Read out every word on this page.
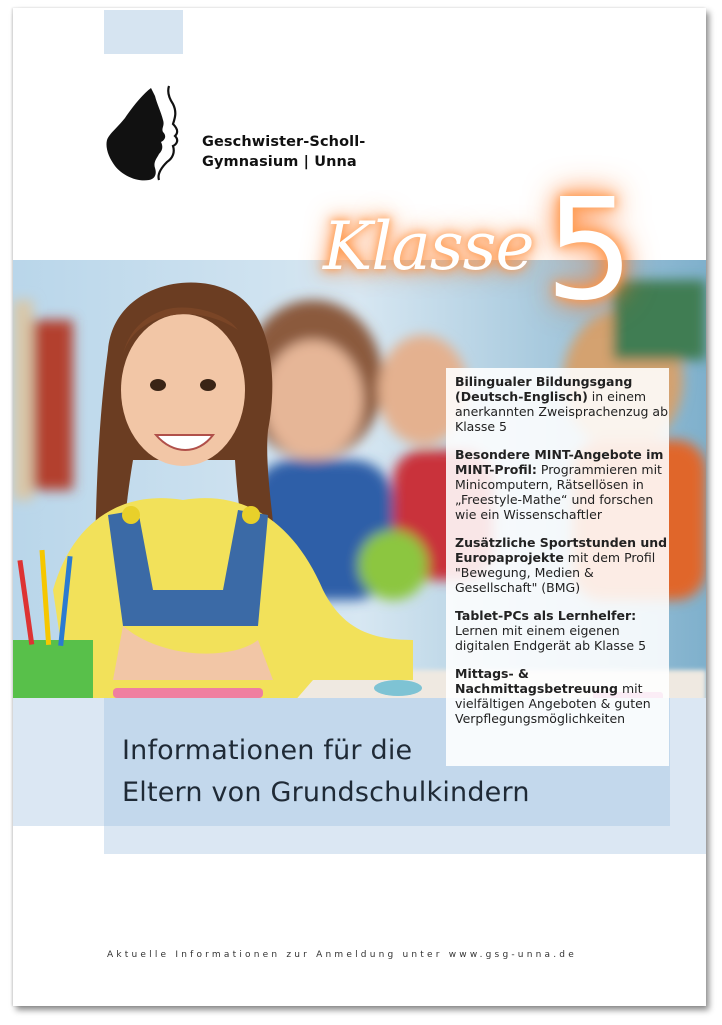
Geschwister-Scholl-
Gymnasium | Unna
Klasse 5
Informationen für die
Eltern von Grundschulkindern
Bilingualer Bildungsgang (Deutsch-Englisch) in einem anerkannten Zweisprachenzug ab Klasse 5
Besondere MINT-Angebote im MINT-Profil: Programmieren mit Minicomputern, Rätsellösen in „Freestyle-Mathe“ und forschen wie ein Wissenschaftler
Zusätzliche Sportstunden und Europaprojekte mit dem Profil "Bewegung, Medien & Gesellschaft" (BMG)
Tablet-PCs als Lernhelfer: Lernen mit einem eigenen digitalen Endgerät ab Klasse 5
Mittags- & Nachmittagsbetreuung mit vielfältigen Angeboten & guten Verpflegungsmöglichkeiten
Aktuelle Informationen zur Anmeldung unter www.gsg-unna.de
